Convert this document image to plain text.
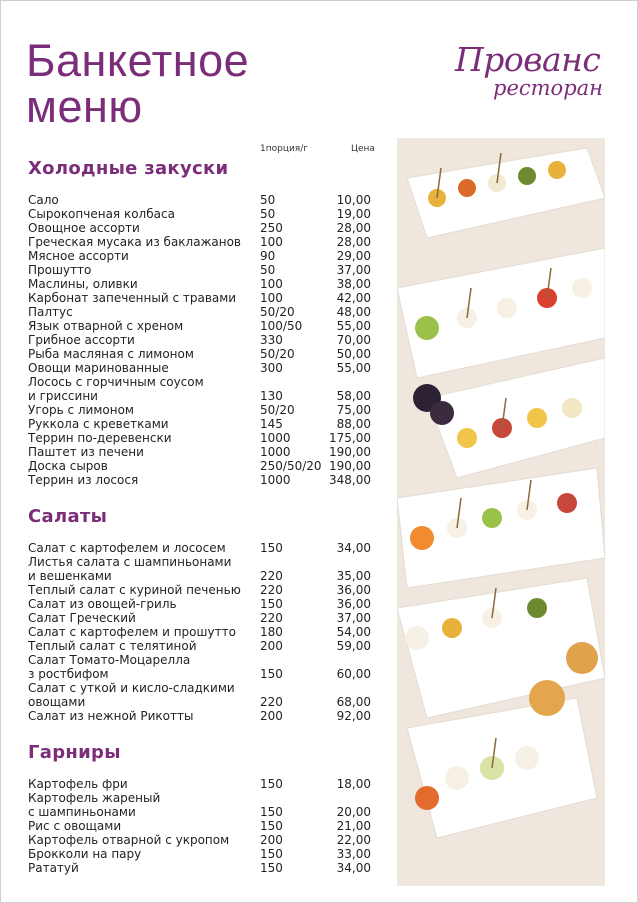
Банкетное
меню
Прованс
ресторан
1порция/г	Цена
Холодные закуски
Сало	50	10,00
Сырокопченая колбаса	50	19,00
Овощное ассорти	250	28,00
Греческая мусака из баклажанов 100	28,00
Мясное ассорти	90	29,00
Прошутто	50	37,00
Маслины, оливки	100	38,00
Карбонат запеченный с травами 100	42,00
Палтус	50/20	48,00
Язык отварной с хреном	100/50	55,00
Грибное ассорти	330	70,00
Рыба масляная с лимоном	50/20	50,00
Овощи маринованные	300	55,00
Лосось с горчичным соусом
и гриссини	130	58,00
Угорь с лимоном	50/20	75,00
Руккола с креветками	145	88,00
Террин по-деревенски	1000	175,00
Паштет из печени	1000	190,00
Доска сыров	250/50/20 190,00
Террин из лосося	1000	348,00
Салаты
Салат с картофелем и лососем	150	34,00
Листья салата с шампиньонами
и вешенками	220	35,00
Теплый салат с куриной печенью 220	36,00
Салат из овощей-гриль	150	36,00
Салат Греческий	220	37,00
Салат с картофелем и прошутто 180	54,00
Теплый салат с телятиной	200	59,00
Салат Томато-Моцарелла
з ростбифом	150	60,00
Салат с уткой и кисло-сладкими
овощами	220	68,00
Салат из нежной Рикотты	200	92,00
Гарниры
Картофель фри	150	18,00
Картофель жареный
с шампиньонами	150	20,00
Рис с овощами	150	21,00
Картофель отварной с укропом	200	22,00
Брокколи на пару	150	33,00
Рататуй	150	34,00
